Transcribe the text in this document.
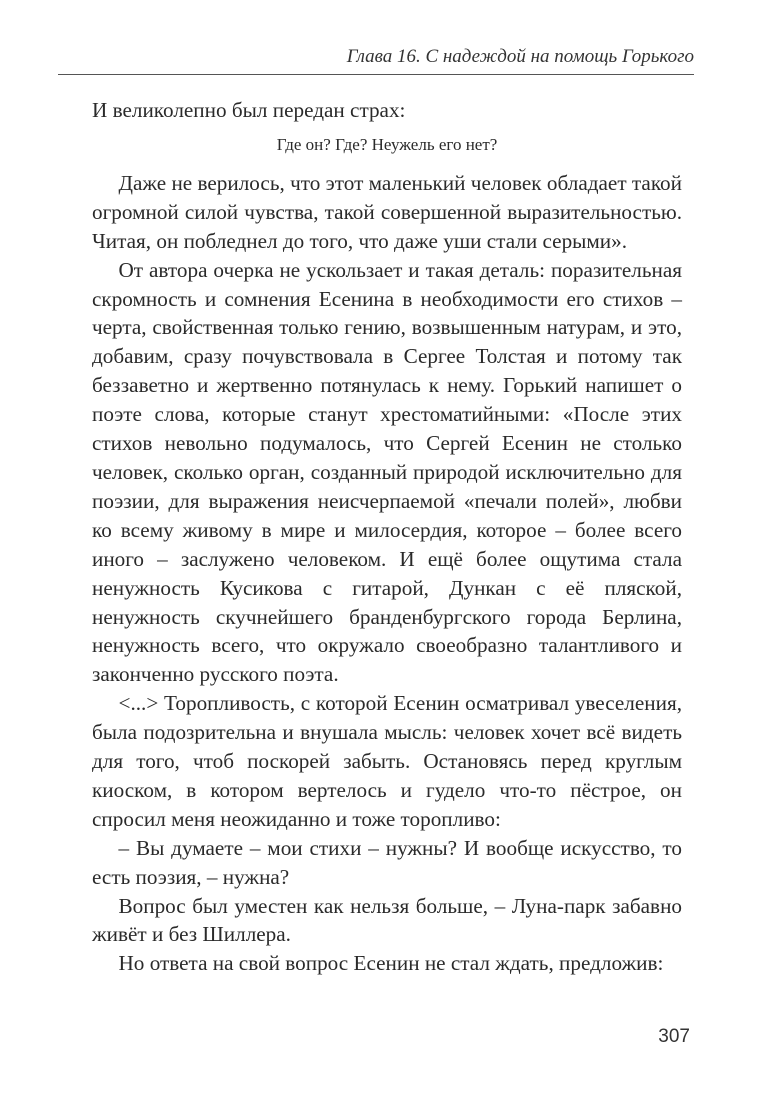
Глава 16. С надеждой на помощь Горького

И великолепно был передан страх:

Где он? Где? Неужель его нет?

Даже не верилось, что этот маленький человек обладает такой огромной силой чувства, такой совершенной выразительностью. Читая, он побледнел до того, что даже уши стали серыми».

От автора очерка не ускользает и такая деталь: поразительная скромность и сомнения Есенина в необходимости его стихов – черта, свойственная только гению, возвышенным натурам, и это, добавим, сразу почувствовала в Сергее Толстая и потому так беззаветно и жертвенно потянулась к нему. Горький напишет о поэте слова, которые станут хрестоматийными: «После этих стихов невольно подумалось, что Сергей Есенин не столько человек, сколько орган, созданный природой исключительно для поэзии, для выражения неисчерпаемой «печали полей», любви ко всему живому в мире и милосердия, которое – более всего иного – заслужено человеком. И ещё более ощутима стала ненужность Кусикова с гитарой, Дункан с её пляской, ненужность скучнейшего бранденбургского города Берлина, ненужность всего, что окружало своеобразно талантливого и законченно русского поэта.

<...> Торопливость, с которой Есенин осматривал увеселения, была подозрительна и внушала мысль: человек хочет всё видеть для того, чтоб поскорей забыть. Остановясь перед круглым киоском, в котором вертелось и гудело что-то пёстрое, он спросил меня неожиданно и тоже торопливо:

– Вы думаете – мои стихи – нужны? И вообще искусство, то есть поэзия, – нужна?

Вопрос был уместен как нельзя больше, – Луна-парк забавно живёт и без Шиллера.

Но ответа на свой вопрос Есенин не стал ждать, предложив:

307
